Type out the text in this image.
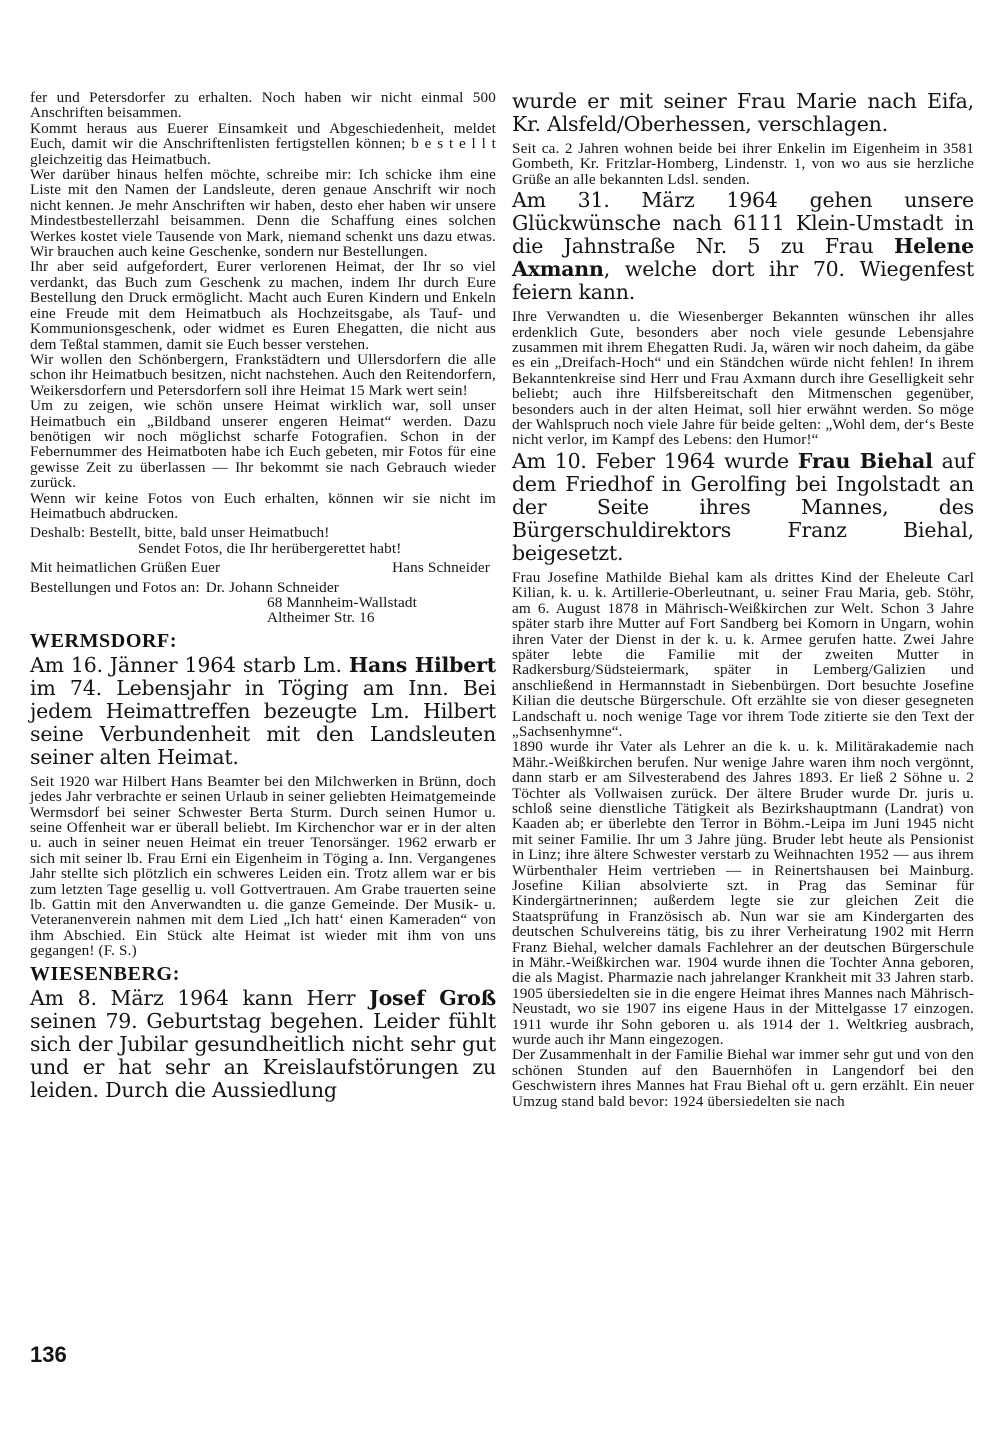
fer und Petersdorfer zu erhalten. Noch haben wir nicht einmal 500 Anschriften beisammen.

Kommt heraus aus Euerer Einsamkeit und Abgeschiedenheit, meldet Euch, damit wir die Anschriftenlisten fertigstellen können; b e s t e l l t gleichzeitig das Heimatbuch.

Wer darüber hinaus helfen möchte, schreibe mir: Ich schicke ihm eine Liste mit den Namen der Landsleute, deren genaue Anschrift wir noch nicht kennen. Je mehr Anschriften wir haben, desto eher haben wir unsere Mindestbestellerzahl beisammen. Denn die Schaffung eines solchen Werkes kostet viele Tausende von Mark, niemand schenkt uns dazu etwas. Wir brauchen auch keine Geschenke, sondern nur Bestellungen.

Ihr aber seid aufgefordert, Eurer verlorenen Heimat, der Ihr so viel verdankt, das Buch zum Geschenk zu machen, indem Ihr durch Eure Bestellung den Druck ermöglicht. Macht auch Euren Kindern und Enkeln eine Freude mit dem Heimatbuch als Hochzeitsgabe, als Tauf- und Kommunionsgeschenk, oder widmet es Euren Ehegatten, die nicht aus dem Teßtal stammen, damit sie Euch besser verstehen.

Wir wollen den Schönbergern, Frankstädtern und Ullersdorfern die alle schon ihr Heimatbuch besitzen, nicht nachstehen. Auch den Reitendorfern, Weikersdorfern und Petersdorfern soll ihre Heimat 15 Mark wert sein!

Um zu zeigen, wie schön unsere Heimat wirklich war, soll unser Heimatbuch ein „Bildband unserer engeren Heimat“ werden. Dazu benötigen wir noch möglichst scharfe Fotografien. Schon in der Febernummer des Heimatboten habe ich Euch gebeten, mir Fotos für eine gewisse Zeit zu überlassen — Ihr bekommt sie nach Gebrauch wieder zurück.

Wenn wir keine Fotos von Euch erhalten, können wir sie nicht im Heimatbuch abdrucken.

Deshalb: Bestellt, bitte, bald unser Heimatbuch!

Sendet Fotos, die Ihr herübergerettet habt!

Mit heimatlichen Grüßen Euer	Hans Schneider
Bestellungen und Fotos an: Dr. Johann Schneider

68 Mannheim-Wallstadt

Altheimer Str. 16

WERMSDORF:

Am 16. Jänner 1964 starb Lm. Hans Hilbert im 74. Lebensjahr in Töging am Inn. Bei jedem Heimattreffen bezeugte Lm. Hilbert seine Verbundenheit mit den Landsleuten seiner alten Heimat.

Seit 1920 war Hilbert Hans Beamter bei den Milchwerken in Brünn, doch jedes Jahr verbrachte er seinen Urlaub in seiner geliebten Heimatgemeinde Wermsdorf bei seiner Schwester Berta Sturm. Durch seinen Humor u. seine Offenheit war er überall beliebt. Im Kirchenchor war er in der alten u. auch in seiner neuen Heimat ein treuer Tenorsänger. 1962 erwarb er sich mit seiner lb. Frau Erni ein Eigenheim in Töging a. Inn. Vergangenes Jahr stellte sich plötzlich ein schweres Leiden ein. Trotz allem war er bis zum letzten Tage gesellig u. voll Gottvertrauen. Am Grabe trauerten seine lb. Gattin mit den Anverwandten u. die ganze Gemeinde. Der Musik- u. Veteranenverein nahmen mit dem Lied „Ich hatt‘ einen Kameraden“ von ihm Abschied. Ein Stück alte Heimat ist wieder mit ihm von uns gegangen! (F. S.)

WIESENBERG:

Am 8. März 1964 kann Herr Josef Groß seinen 79. Geburtstag begehen. Leider fühlt sich der Jubilar gesundheitlich nicht sehr gut und er hat sehr an Kreislaufstörungen zu leiden. Durch die Aussiedlung

wurde er mit seiner Frau Marie nach Eifa, Kr. Alsfeld/Oberhessen, verschlagen.

Seit ca. 2 Jahren wohnen beide bei ihrer Enkelin im Eigenheim in 3581 Gombeth, Kr. Fritzlar-Homberg, Lindenstr. 1, von wo aus sie herzliche Grüße an alle bekannten Ldsl. senden.

Am 31. März 1964 gehen unsere Glückwünsche nach 6111 Klein-Umstadt in die Jahnstraße Nr. 5 zu Frau Helene Axmann, welche dort ihr 70. Wiegenfest feiern kann.

Ihre Verwandten u. die Wiesenberger Bekannten wünschen ihr alles erdenklich Gute, besonders aber noch viele gesunde Lebensjahre zusammen mit ihrem Ehegatten Rudi. Ja, wären wir noch daheim, da gäbe es ein „Dreifach-Hoch“ und ein Ständchen würde nicht fehlen! In ihrem Bekanntenkreise sind Herr und Frau Axmann durch ihre Geselligkeit sehr beliebt; auch ihre Hilfsbereitschaft den Mitmenschen gegenüber, besonders auch in der alten Heimat, soll hier erwähnt werden. So möge der Wahlspruch noch viele Jahre für beide gelten: „Wohl dem, der‘s Beste nicht verlor, im Kampf des Lebens: den Humor!“

Am 10. Feber 1964 wurde Frau Biehal auf dem Friedhof in Gerolfing bei Ingolstadt an der Seite ihres Mannes, des Bürgerschuldirektors Franz Biehal, beigesetzt.

Frau Josefine Mathilde Biehal kam als drittes Kind der Eheleute Carl Kilian, k. u. k. Artillerie-Oberleutnant, u. seiner Frau Maria, geb. Stöhr, am 6. August 1878 in Mährisch-Weißkirchen zur Welt. Schon 3 Jahre später starb ihre Mutter auf Fort Sandberg bei Komorn in Ungarn, wohin ihren Vater der Dienst in der k. u. k. Armee gerufen hatte. Zwei Jahre später lebte die Familie mit der zweiten Mutter in Radkersburg/Südsteiermark, später in Lemberg/Galizien und anschließend in Hermannstadt in Siebenbürgen. Dort besuchte Josefine Kilian die deutsche Bürgerschule. Oft erzählte sie von dieser gesegneten Landschaft u. noch wenige Tage vor ihrem Tode zitierte sie den Text der „Sachsenhymne“.

1890 wurde ihr Vater als Lehrer an die k. u. k. Militärakademie nach Mähr.-Weißkirchen berufen. Nur wenige Jahre waren ihm noch vergönnt, dann starb er am Silvesterabend des Jahres 1893. Er ließ 2 Söhne u. 2 Töchter als Vollwaisen zurück. Der ältere Bruder wurde Dr. juris u. schloß seine dienstliche Tätigkeit als Bezirkshauptmann (Landrat) von Kaaden ab; er überlebte den Terror in Böhm.-Leipa im Juni 1945 nicht mit seiner Familie. Ihr um 3 Jahre jüng. Bruder lebt heute als Pensionist in Linz; ihre ältere Schwester verstarb zu Weihnachten 1952 — aus ihrem Würbenthaler Heim vertrieben — in Reinertshausen bei Mainburg. Josefine Kilian absolvierte szt. in Prag das Seminar für Kindergärtnerinnen; außerdem legte sie zur gleichen Zeit die Staatsprüfung in Französisch ab. Nun war sie am Kindergarten des deutschen Schulvereins tätig, bis zu ihrer Verheiratung 1902 mit Herrn Franz Biehal, welcher damals Fachlehrer an der deutschen Bürgerschule in Mähr.-Weißkirchen war. 1904 wurde ihnen die Tochter Anna geboren, die als Magist. Pharmazie nach jahrelanger Krankheit mit 33 Jahren starb. 1905 übersiedelten sie in die engere Heimat ihres Mannes nach Mährisch-Neustadt, wo sie 1907 ins eigene Haus in der Mittelgasse 17 einzogen. 1911 wurde ihr Sohn geboren u. als 1914 der 1. Weltkrieg ausbrach, wurde auch ihr Mann eingezogen.

Der Zusammenhalt in der Familie Biehal war immer sehr gut und von den schönen Stunden auf den Bauernhöfen in Langendorf bei den Geschwistern ihres Mannes hat Frau Biehal oft u. gern erzählt. Ein neuer Umzug stand bald bevor: 1924 übersiedelten sie nach

136
